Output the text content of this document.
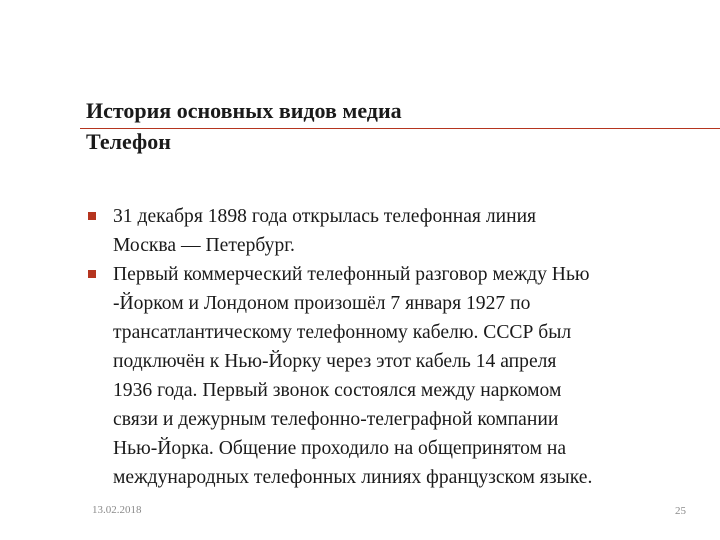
История основных видов медиа
Телефон
31 декабря 1898 года открылась телефонная линия
Москва — Петербург.
Первый коммерческий телефонный разговор между Нью
-Йорком и Лондоном произошёл 7 января 1927 по
трансатлантическому телефонному кабелю. СССР был
подключён к Нью-Йорку через этот кабель 14 апреля
1936 года. Первый звонок состоялся между наркомом
связи и дежурным телефонно-телеграфной компании
Нью-Йорка. Общение проходило на общепринятом на
международных телефонных линиях французском языке.
13.02.2018	25
